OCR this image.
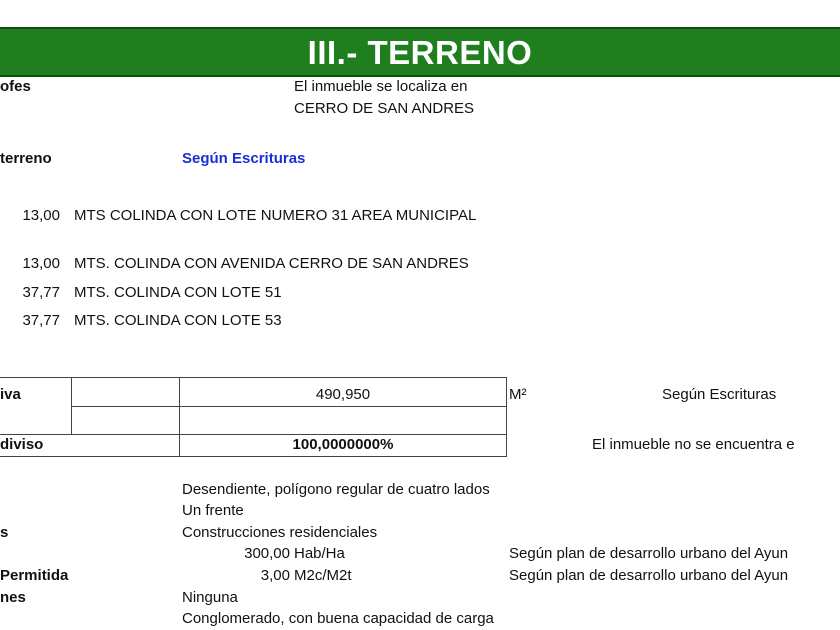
III.- TERRENO
ofes	El inmueble se localiza en
CERRO DE SAN ANDRES
terreno	Según Escrituras
13,00 MTS COLINDA CON LOTE NUMERO 31 AREA MUNICIPAL
13,00 MTS. COLINDA CON AVENIDA CERRO DE SAN ANDRES
37,77 MTS. COLINDA CON LOTE 51
37,77 MTS. COLINDA CON LOTE 53
iva	490,950	M²	Según Escrituras
diviso	100,0000000%	El inmueble no se encuentra e
Desendiente, polígono regular de cuatro lados
Un frente
s	Construcciones residenciales
300,00 Hab/Ha	Según plan de desarrollo urbano del Ayun
Permitida	3,00 M2c/M2t	Según plan de desarrollo urbano del Ayun
nes	Ninguna
Conglomerado, con buena capacidad de carga
